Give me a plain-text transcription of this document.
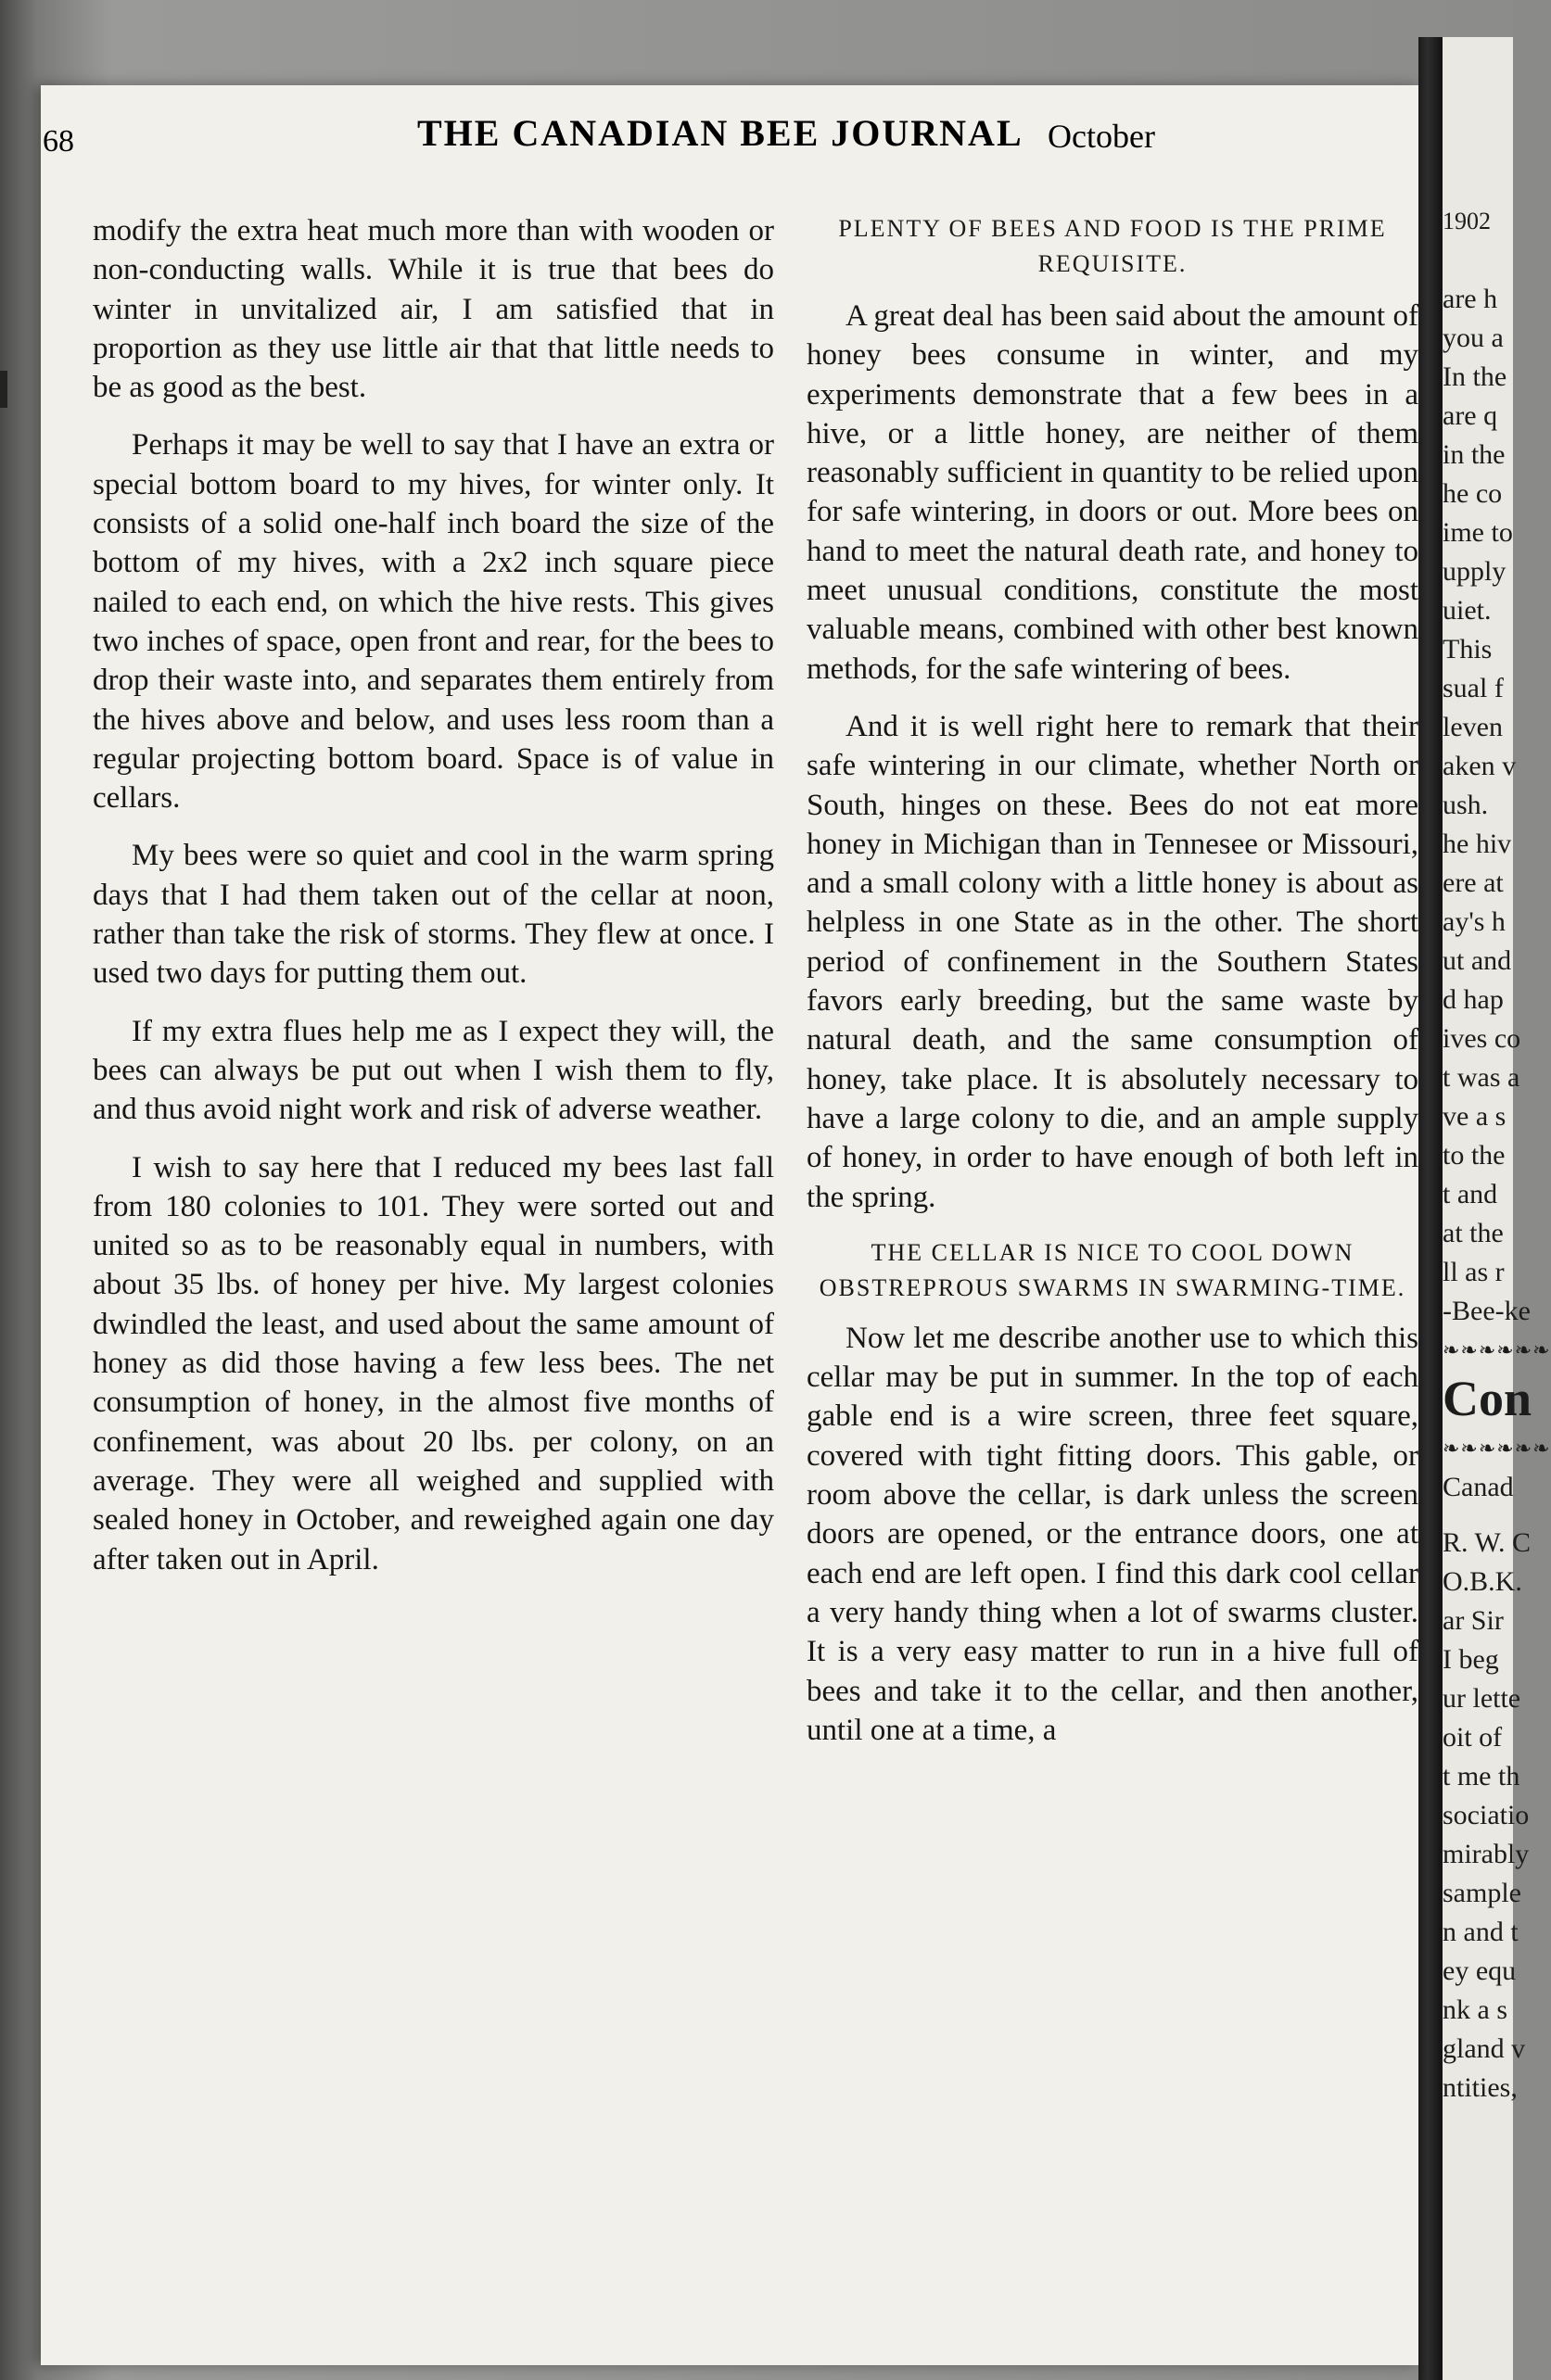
68	THE CANADIAN BEE JOURNAL October

modify the extra heat much more than with wooden or non-conducting walls. While it is true that bees do winter in unvitalized air, I am satisfied that in proportion as they use little air that that little needs to be as good as the best.

Perhaps it may be well to say that I have an extra or special bottom board to my hives, for winter only. It consists of a solid one-half inch board the size of the bottom of my hives, with a 2x2 inch square piece nailed to each end, on which the hive rests. This gives two inches of space, open front and rear, for the bees to drop their waste into, and separates them entirely from the hives above and below, and uses less room than a regular projecting bottom board. Space is of value in cellars.

My bees were so quiet and cool in the warm spring days that I had them taken out of the cellar at noon, rather than take the risk of storms. They flew at once. I used two days for putting them out.

If my extra flues help me as I expect they will, the bees can always be put out when I wish them to fly, and thus avoid night work and risk of adverse weather.

I wish to say here that I reduced my bees last fall from 180 colonies to 101. They were sorted out and united so as to be reasonably equal in numbers, with about 35 lbs. of honey per hive. My largest colonies dwindled the least, and used about the same amount of honey as did those having a few less bees. The net consumption of honey, in the almost five months of confinement, was about 20 lbs. per colony, on an average. They were all weighed and supplied with sealed honey in October, and reweighed again one day after taken out in April.

PLENTY OF BEES AND FOOD IS THE PRIME REQUISITE.

A great deal has been said about the amount of honey bees consume in winter, and my experiments demonstrate that a few bees in a hive, or a little honey, are neither of them reasonably sufficient in quantity to be relied upon for safe wintering, in doors or out. More bees on hand to meet the natural death rate, and honey to meet unusual conditions, constitute the most valuable means, combined with other best known methods, for the safe wintering of bees.

And it is well right here to remark that their safe wintering in our climate, whether North or South, hinges on these. Bees do not eat more honey in Michigan than in Tennesee or Missouri, and a small colony with a little honey is about as helpless in one State as in the other. The short period of confinement in the Southern States favors early breeding, but the same waste by natural death, and the same consumption of honey, take place. It is absolutely necessary to have a large colony to die, and an ample supply of honey, in order to have enough of both left in the spring.

THE CELLAR IS NICE TO COOL DOWN OBSTREPROUS SWARMS IN SWARMING-TIME.

Now let me describe another use to which this cellar may be put in summer. In the top of each gable end is a wire screen, three feet square, covered with tight fitting doors. This gable, or room above the cellar, is dark unless the screen doors are opened, or the entrance doors, one at each end are left open. I find this dark cool cellar a very handy thing when a lot of swarms cluster. It is a very easy matter to run in a hive full of bees and take it to the cellar, and then another, until one at a time, a

1902
are h
you a
In the
are q
in the
he co
ime to
upply
uiet.
This
sual f
leven
aken v
ush.
he hiv
ere at
ay's h
ut and
d hap
ives co
t was a
ve a s
to the
t and
at the
ll as r
-Bee-ke
❧❧❧❧❧❧
Con
❧❧❧❧❧❧
Canad
R. W. C
O.B.K.
ar Sir
I beg
ur lette
oit of
t me th
sociatio
mirably
sample
n and t
ey equ
nk a s
gland v
ntities,
